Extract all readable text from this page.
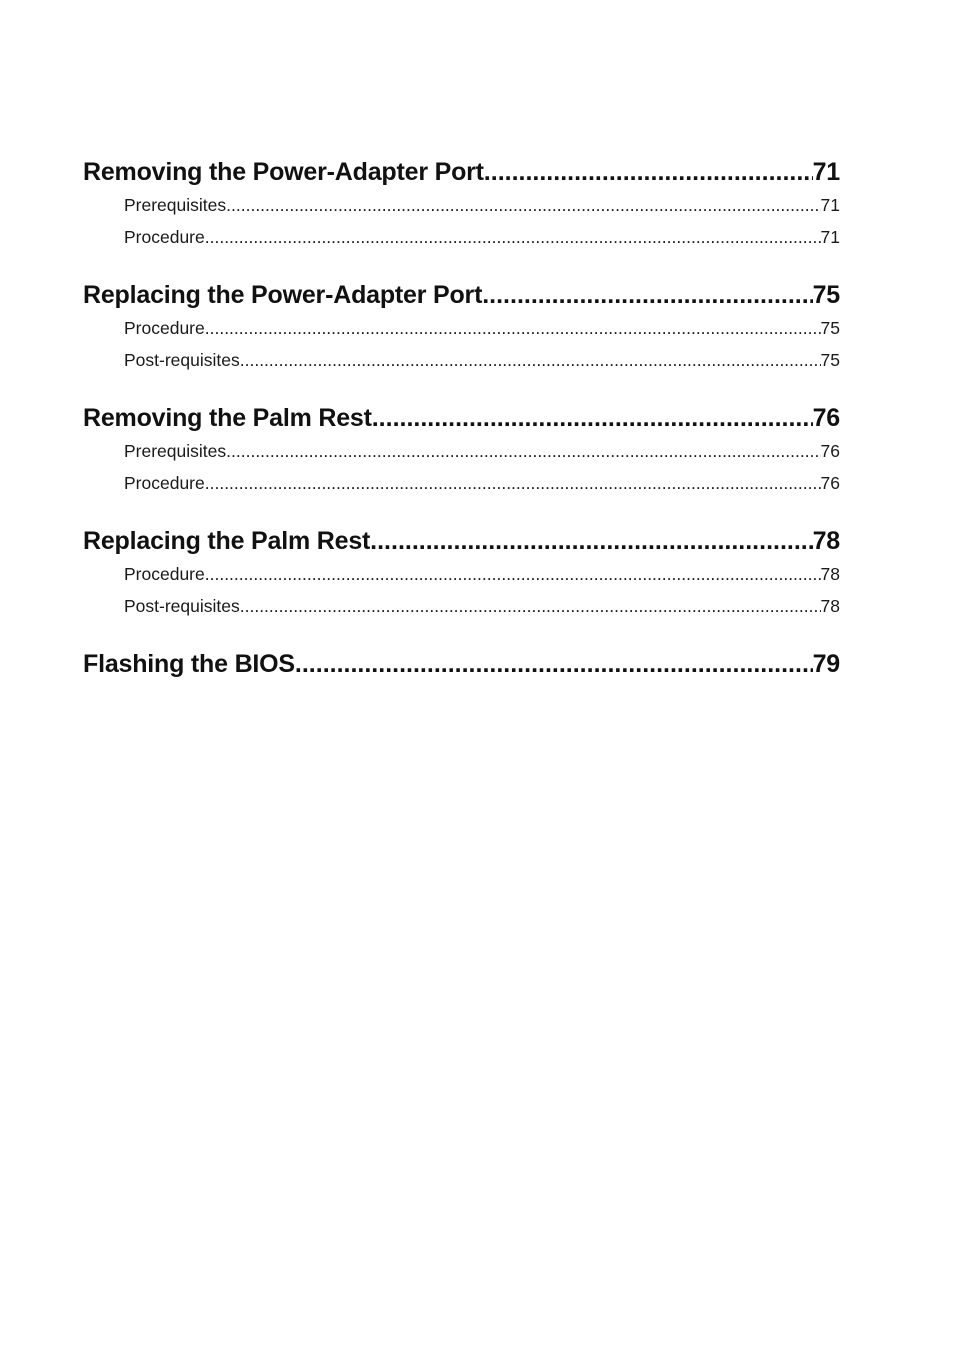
Removing the Power-Adapter Port .....	71
Prerequisites .....	71
Procedure .....	71
Replacing the Power-Adapter Port .....	75
Procedure .....	75
Post-requisites .....	75
Removing the Palm Rest .....	76
Prerequisites .....	76
Procedure .....	76
Replacing the Palm Rest .....	78
Procedure .....	78
Post-requisites .....	78
Flashing the BIOS .....	79
